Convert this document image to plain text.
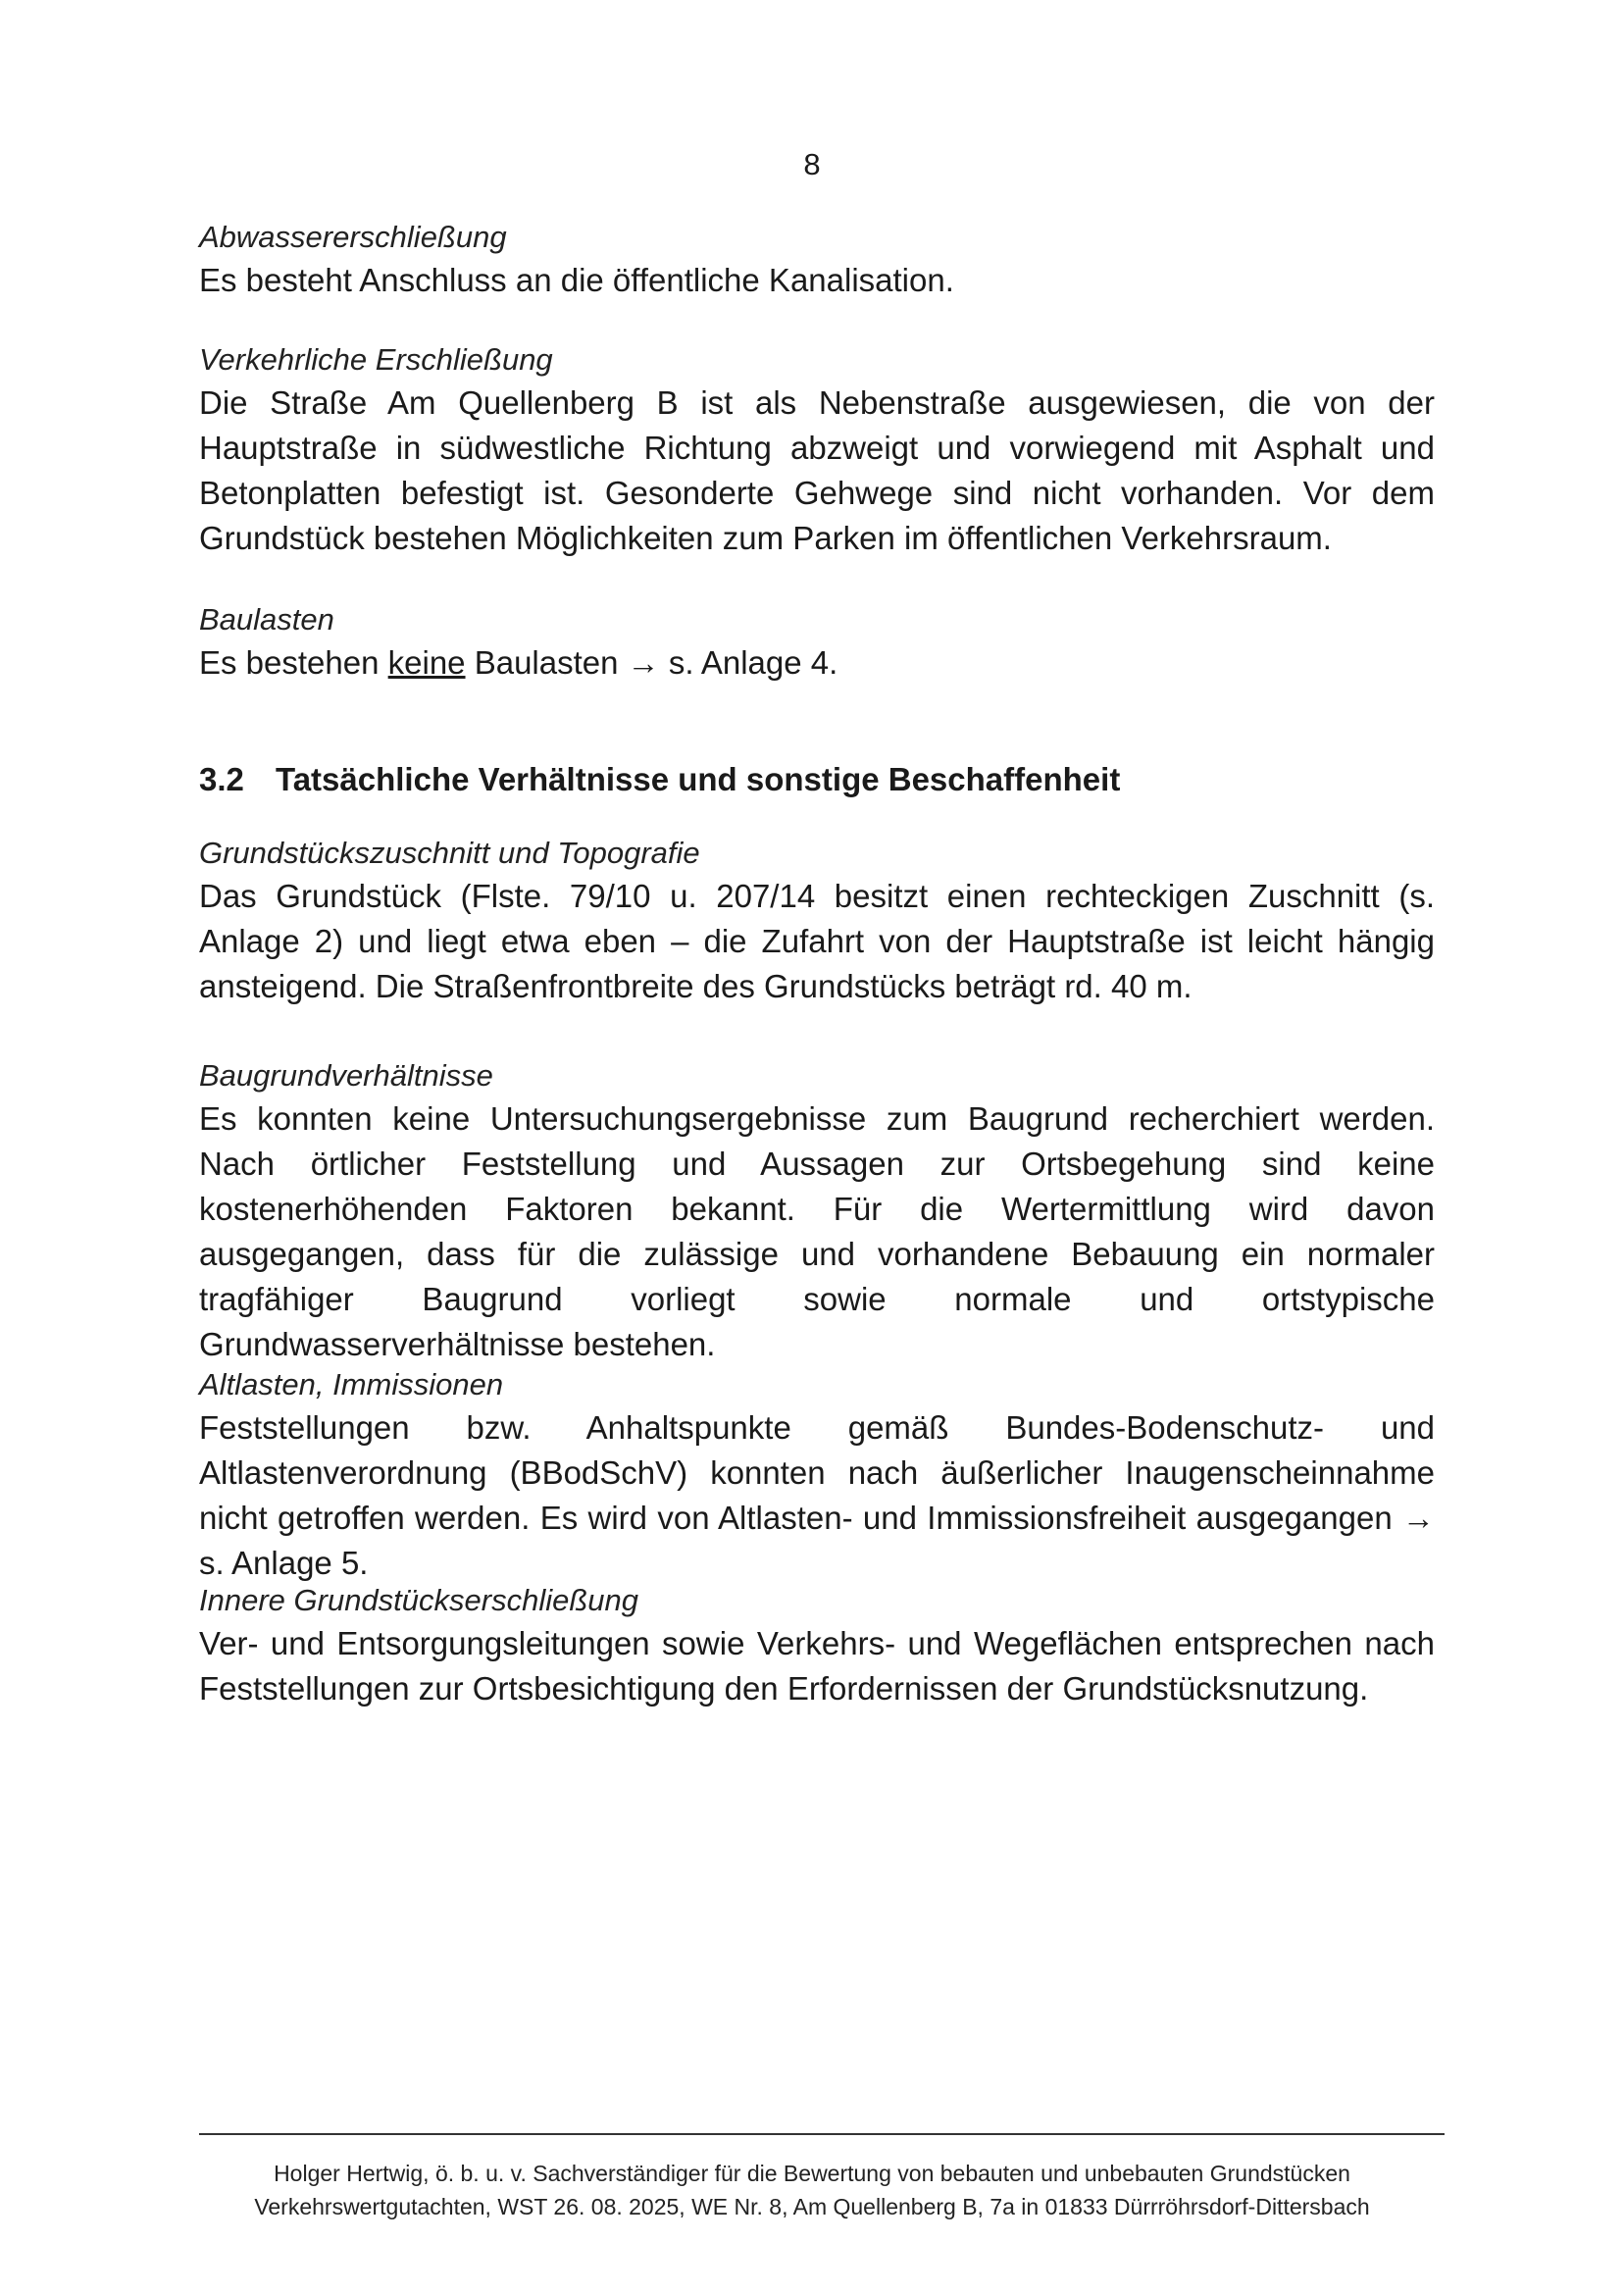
8

Abwassererschließung

Es besteht Anschluss an die öffentliche Kanalisation.

Verkehrliche Erschließung

Die Straße Am Quellenberg B ist als Nebenstraße ausgewiesen, die von der Hauptstraße in südwestliche Richtung abzweigt und vorwiegend mit Asphalt und Betonplatten befestigt ist. Gesonderte Gehwege sind nicht vorhanden. Vor dem Grundstück bestehen Möglichkeiten zum Parken im öffentlichen Verkehrsraum.

Baulasten

Es bestehen keine Baulasten → s. Anlage 4.

3.2 Tatsächliche Verhältnisse und sonstige Beschaffenheit

Grundstückszuschnitt und Topografie

Das Grundstück (Flste. 79/10 u. 207/14 besitzt einen rechteckigen Zuschnitt (s. Anlage 2) und liegt etwa eben – die Zufahrt von der Hauptstraße ist leicht hängig ansteigend. Die Straßenfrontbreite des Grundstücks beträgt rd. 40 m.

Baugrundverhältnisse

Es konnten keine Untersuchungsergebnisse zum Baugrund recherchiert werden. Nach örtlicher Feststellung und Aussagen zur Ortsbegehung sind keine kostenerhöhenden Faktoren bekannt. Für die Wertermittlung wird davon ausgegangen, dass für die zulässige und vorhandene Bebauung ein normaler tragfähiger Baugrund vorliegt sowie normale und ortstypische Grundwasserverhältnisse bestehen.

Altlasten, Immissionen

Feststellungen bzw. Anhaltspunkte gemäß Bundes-Bodenschutz- und Altlastenverordnung (BBodSchV) konnten nach äußerlicher Inaugenscheinnahme nicht getroffen werden. Es wird von Altlasten- und Immissionsfreiheit ausgegangen → s. Anlage 5.

Innere Grundstückserschließung

Ver- und Entsorgungsleitungen sowie Verkehrs- und Wegeflächen entsprechen nach Feststellungen zur Ortsbesichtigung den Erfordernissen der Grundstücksnutzung.

Holger Hertwig, ö. b. u. v. Sachverständiger für die Bewertung von bebauten und unbebauten Grundstücken
Verkehrswertgutachten, WST 26. 08. 2025, WE Nr. 8, Am Quellenberg B, 7a in 01833 Dürrröhrsdorf-Dittersbach
